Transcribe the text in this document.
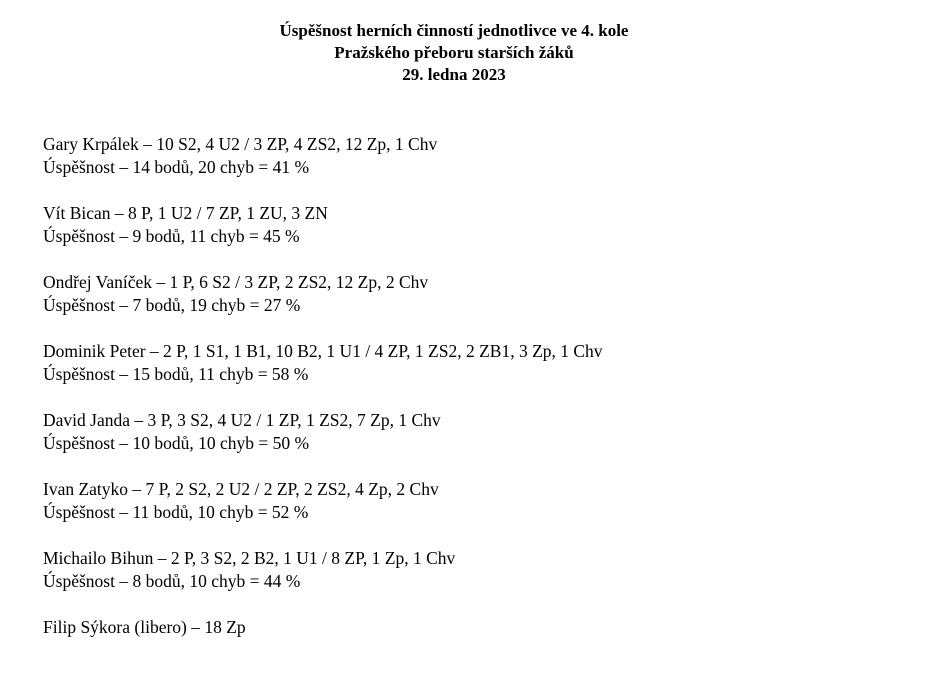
Úspěšnost herních činností jednotlivce ve 4. kole
Pražského přeboru starších žáků
29. ledna 2023
Gary Krpálek – 10 S2, 4 U2 / 3 ZP, 4 ZS2, 12 Zp, 1 Chv
Úspěšnost – 14 bodů, 20 chyb = 41 %
Vít Bican – 8 P, 1 U2 / 7 ZP, 1 ZU, 3 ZN
Úspěšnost – 9 bodů, 11 chyb = 45 %
Ondřej Vaníček – 1 P, 6 S2 / 3 ZP, 2 ZS2, 12 Zp, 2 Chv
Úspěšnost – 7 bodů, 19 chyb = 27 %
Dominik Peter – 2 P, 1 S1, 1 B1, 10 B2, 1 U1 / 4 ZP, 1 ZS2, 2 ZB1, 3 Zp, 1 Chv
Úspěšnost – 15 bodů, 11 chyb = 58 %
David Janda – 3 P, 3 S2, 4 U2 / 1 ZP, 1 ZS2, 7 Zp, 1 Chv
Úspěšnost – 10 bodů, 10 chyb = 50 %
Ivan Zatyko – 7 P, 2 S2, 2 U2 / 2 ZP, 2 ZS2, 4 Zp, 2 Chv
Úspěšnost – 11 bodů, 10 chyb = 52 %
Michailo Bihun – 2 P, 3 S2, 2 B2, 1 U1 / 8 ZP, 1 Zp, 1 Chv
Úspěšnost – 8 bodů, 10 chyb = 44 %
Filip Sýkora (libero) – 18 Zp
